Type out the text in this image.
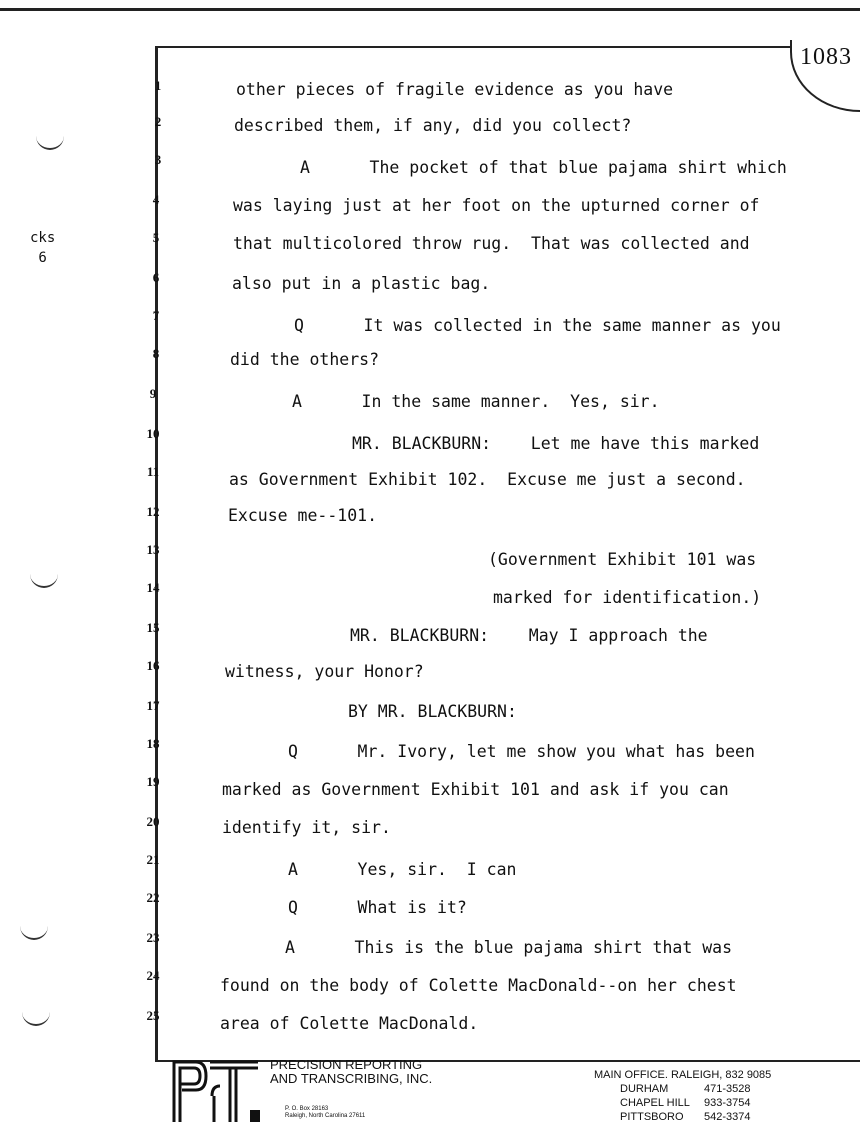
1083
cks
6
1	other pieces of fragile evidence as you have
2	described them, if any, did you collect?
3	A      The pocket of that blue pajama shirt which
4	was laying just at her foot on the upturned corner of
5	that multicolored throw rug.  That was collected and
6	also put in a plastic bag.
7
Q      It was collected in the same manner as you
8	did the others?
9	A      In the same manner.  Yes, sir.
10
MR. BLACKBURN:    Let me have this marked
11	as Government Exhibit 102.  Excuse me just a second.
12	Excuse me--101.
13
(Government Exhibit 101 was
14
marked for identification.)
15	MR. BLACKBURN:    May I approach the
16	witness, your Honor?
17	BY MR. BLACKBURN:
18	Q      Mr. Ivory, let me show you what has been
19	marked as Government Exhibit 101 and ask if you can
20	identify it, sir.
21
A      Yes, sir.  I can
22
Q      What is it?
23
A      This is the blue pajama shirt that was
24
found on the body of Colette MacDonald--on her chest
25	area of Colette MacDonald.
PRECISION REPORTING
AND TRANSCRIBING, INC.
P. O. Box 28163
Raleigh, North Carolina 27611
MAIN OFFICE. RALEIGH, 832 9085
DURHAM	471-3528
CHAPEL HILL 933-3754
PITTSBORO 542-3374
